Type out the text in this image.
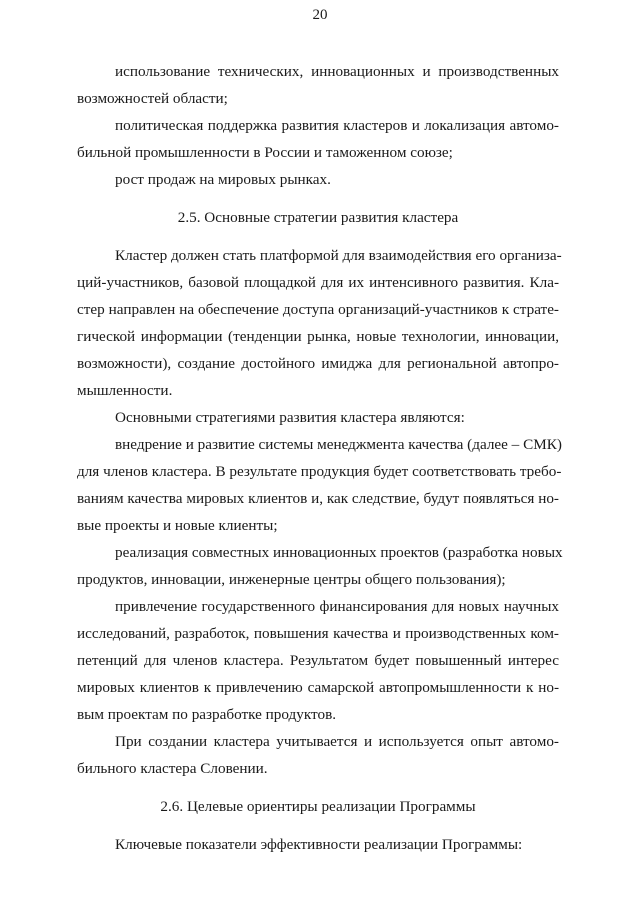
20
использование технических, инновационных и производственных
возможностей области;
политическая поддержка развития кластеров и локализация автомо-
бильной промышленности в России и таможенном союзе;
рост продаж на мировых рынках.
2.5. Основные стратегии развития кластера
Кластер должен стать платформой для взаимодействия его организа-
ций-участников, базовой площадкой для их интенсивного развития. Кла-
стер направлен на обеспечение доступа организаций-участников к страте-
гической информации (тенденции рынка, новые технологии, инновации,
возможности), создание достойного имиджа для региональной автопро-
мышленности.
Основными стратегиями развития кластера являются:
внедрение и развитие системы менеджмента качества (далее – СМК)
для членов кластера. В результате продукция будет соответствовать требо-
ваниям качества мировых клиентов и, как следствие, будут появляться но-
вые проекты и новые клиенты;
реализация совместных инновационных проектов (разработка новых
продуктов, инновации, инженерные центры общего пользования);
привлечение государственного финансирования для новых научных
исследований, разработок, повышения качества и производственных ком-
петенций для членов кластера. Результатом будет повышенный интерес
мировых клиентов к привлечению самарской автопромышленности к но-
вым проектам по разработке продуктов.
При создании кластера учитывается и используется опыт автомо-
бильного кластера Словении.
2.6. Целевые ориентиры реализации Программы
Ключевые показатели эффективности реализации Программы:
